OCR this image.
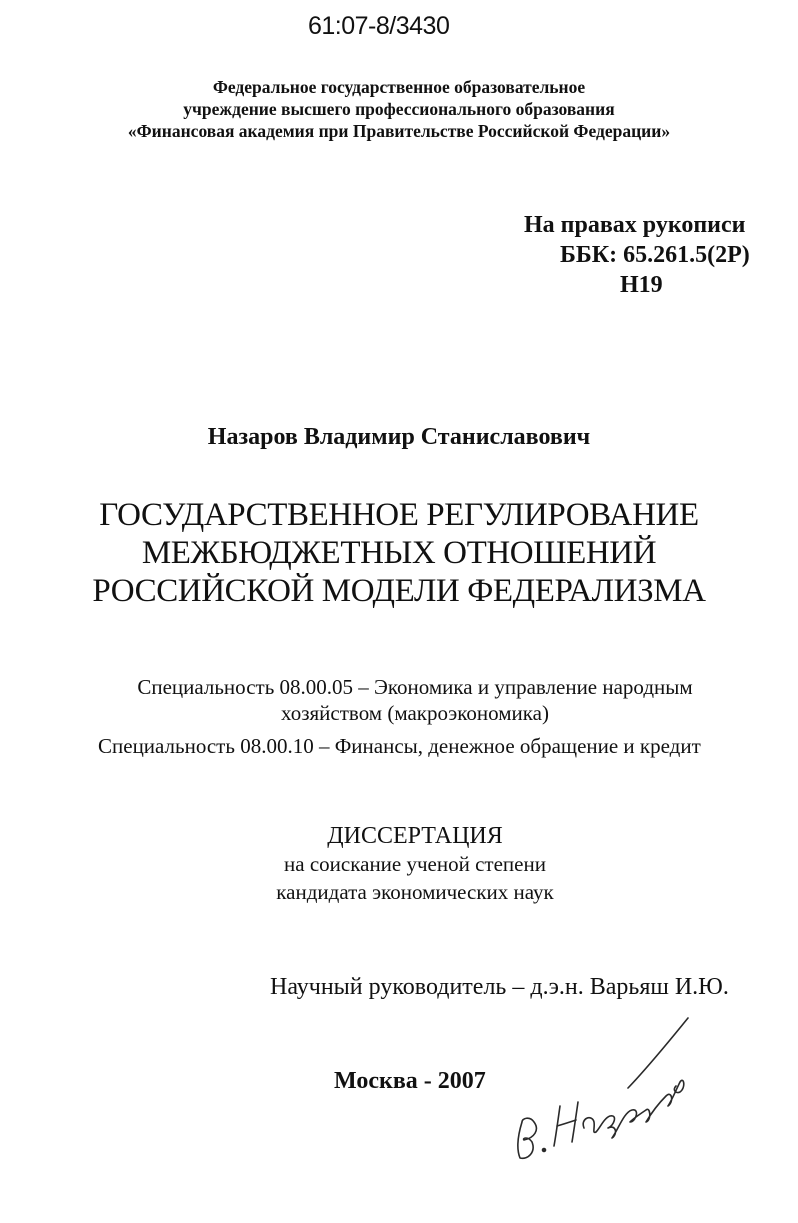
61:07-8/3430
Федеральное государственное образовательное
учреждение высшего профессионального образования
«Финансовая академия при Правительстве Российской Федерации»
На правах рукописи
ББК: 65.261.5(2Р)
Н19
Назаров Владимир Станиславович
ГОСУДАРСТВЕННОЕ РЕГУЛИРОВАНИЕ
МЕЖБЮДЖЕТНЫХ ОТНОШЕНИЙ
РОССИЙСКОЙ МОДЕЛИ ФЕДЕРАЛИЗМА
Специальность 08.00.05 – Экономика и управление народным
хозяйством (макроэкономика)
Специальность 08.00.10 – Финансы, денежное обращение и кредит
ДИССЕРТАЦИЯ
на соискание ученой степени
кандидата экономических наук
Научный руководитель – д.э.н. Варьяш И.Ю.
Москва - 2007
